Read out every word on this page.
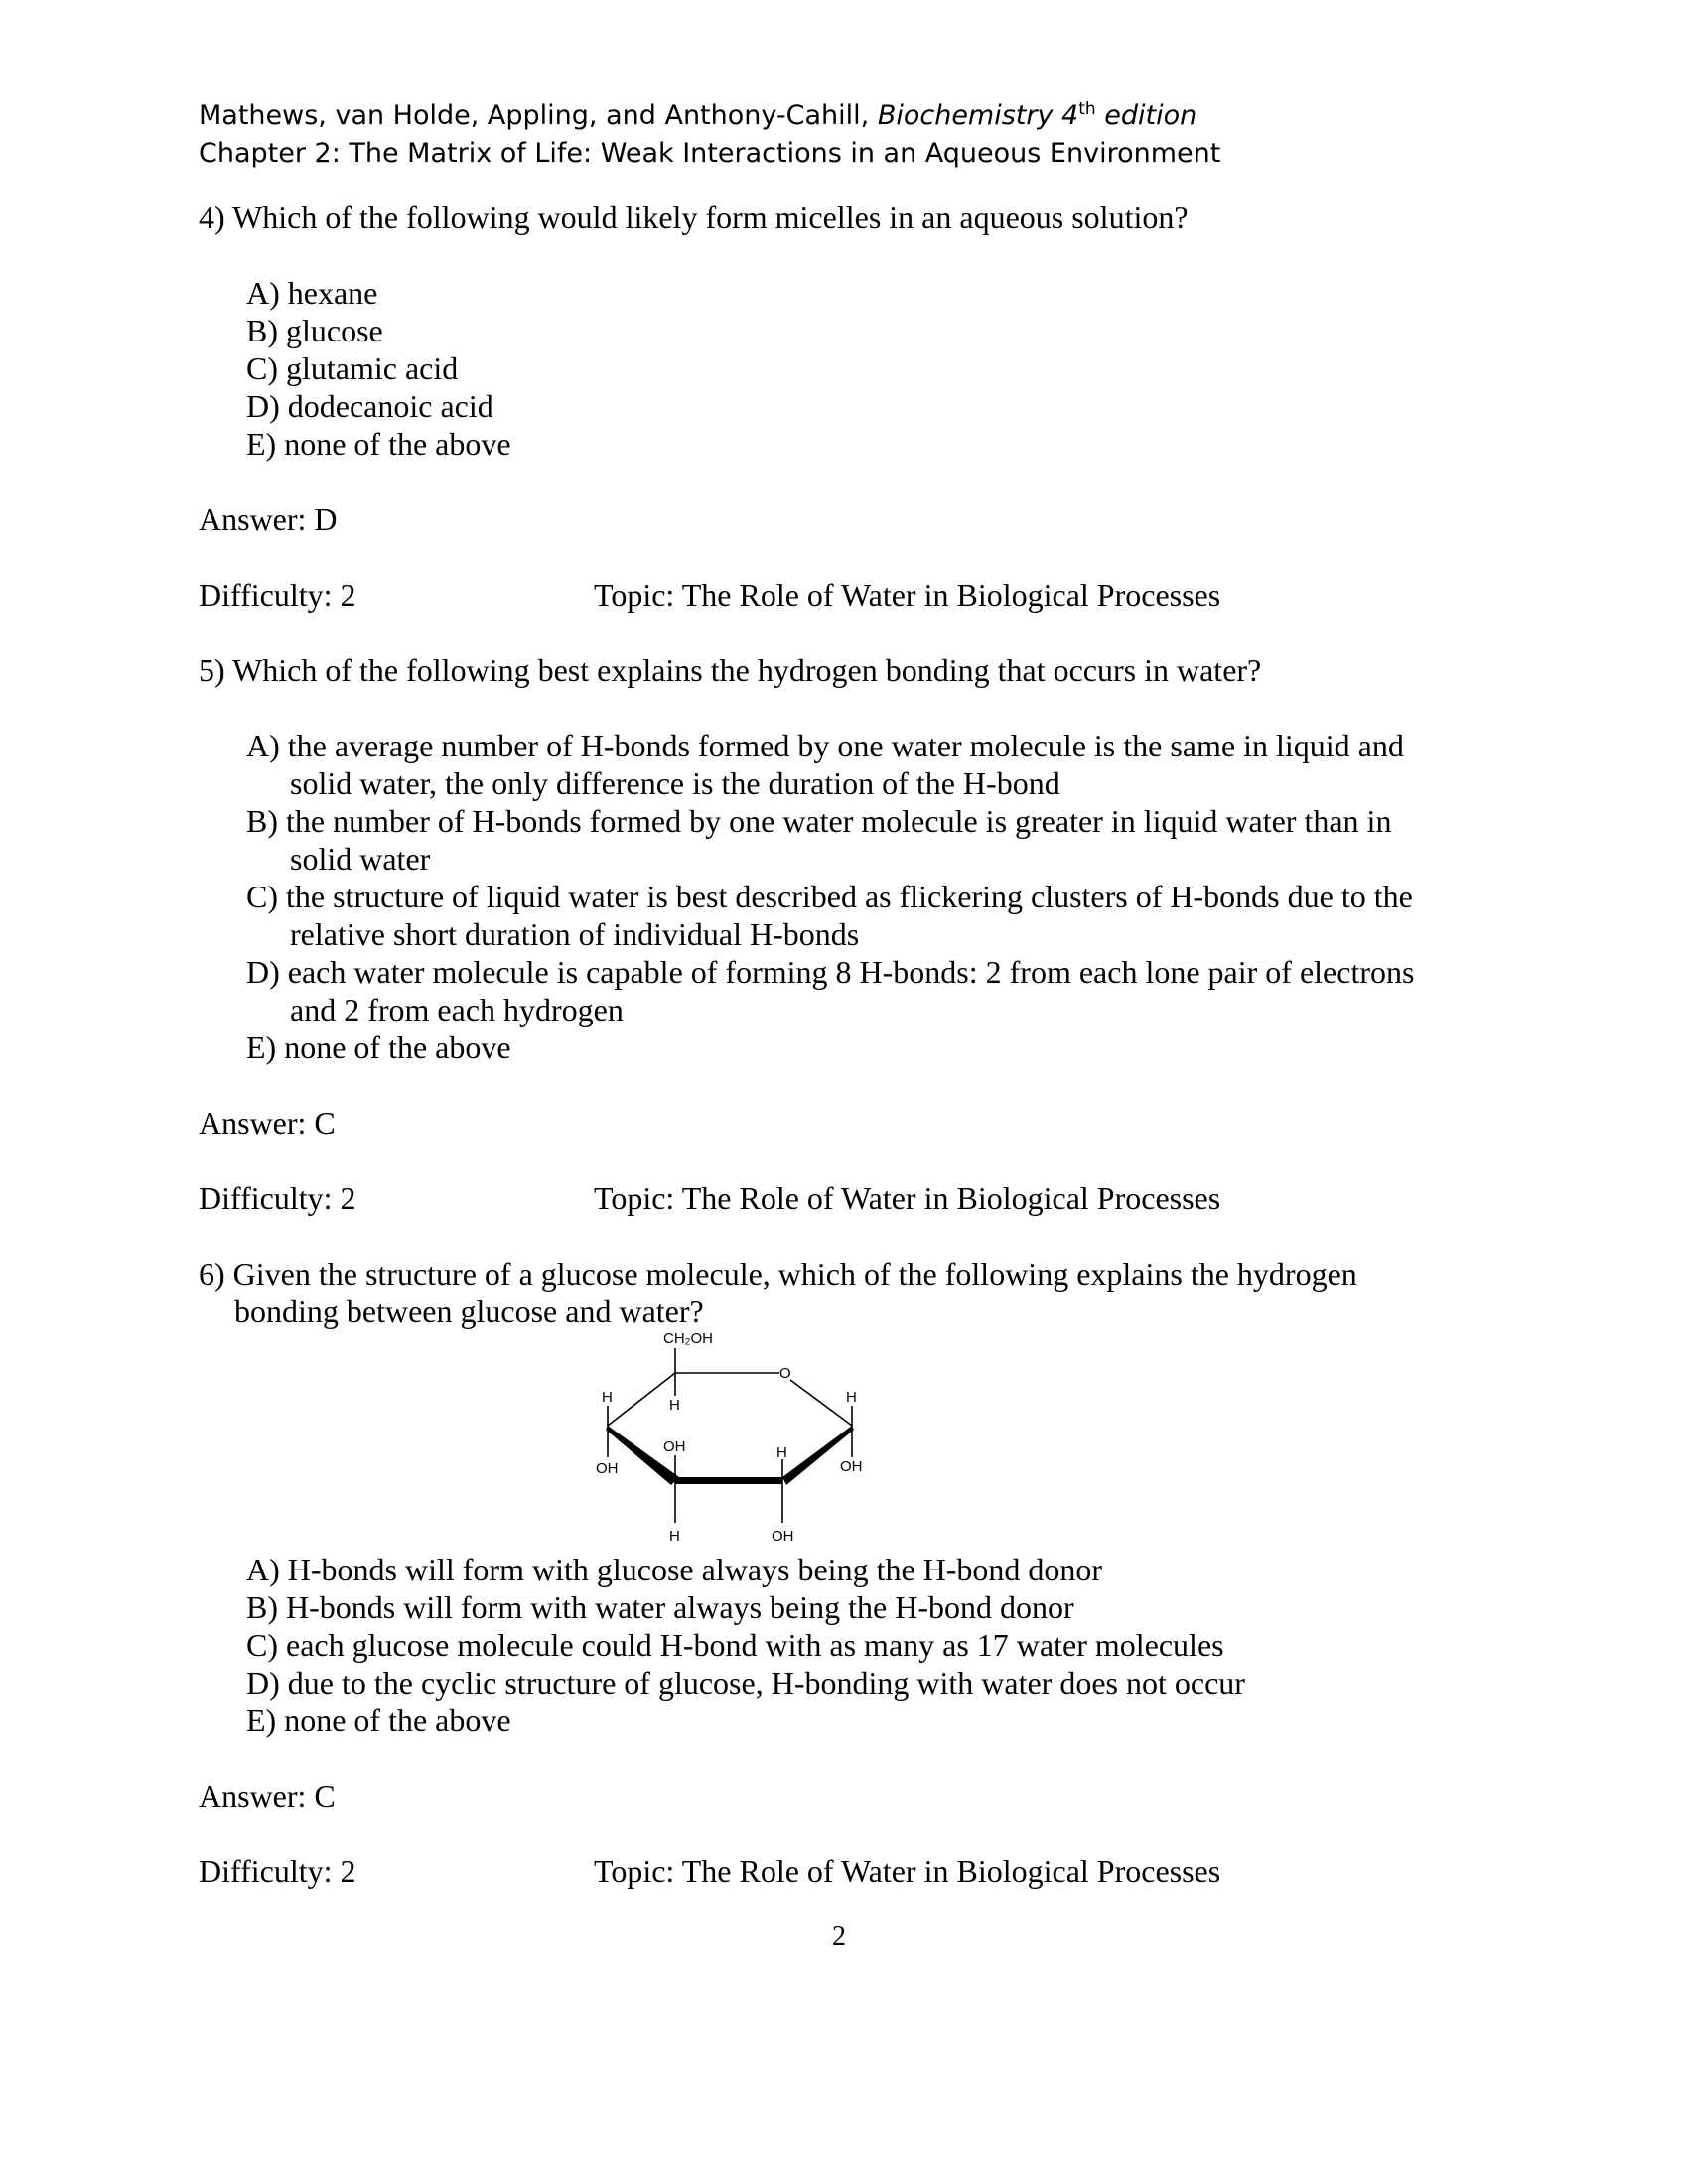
Mathews, van Holde, Appling, and Anthony-Cahill, Biochemistry 4th edition
Chapter 2: The Matrix of Life: Weak Interactions in an Aqueous Environment
4) Which of the following would likely form micelles in an aqueous solution?
A) hexane
B) glucose
C) glutamic acid
D) dodecanoic acid
E) none of the above
Answer: D
Difficulty: 2	Topic: The Role of Water in Biological Processes
5) Which of the following best explains the hydrogen bonding that occurs in water?
A) the average number of H-bonds formed by one water molecule is the same in liquid and
solid water, the only difference is the duration of the H-bond
B) the number of H-bonds formed by one water molecule is greater in liquid water than in
solid water
C) the structure of liquid water is best described as flickering clusters of H-bonds due to the
relative short duration of individual H-bonds
D) each water molecule is capable of forming 8 H-bonds: 2 from each lone pair of electrons
and 2 from each hydrogen
E) none of the above
Answer: C
Difficulty: 2	Topic: The Role of Water in Biological Processes
6) Given the structure of a glucose molecule, which of the following explains the hydrogen
bonding between glucose and water?
CH₂OH
O
H
H
OH
H
OH
OH	H
H	OH
A) H-bonds will form with glucose always being the H-bond donor
B) H-bonds will form with water always being the H-bond donor
C) each glucose molecule could H-bond with as many as 17 water molecules
D) due to the cyclic structure of glucose, H-bonding with water does not occur
E) none of the above
Answer: C
Difficulty: 2	Topic: The Role of Water in Biological Processes
2
